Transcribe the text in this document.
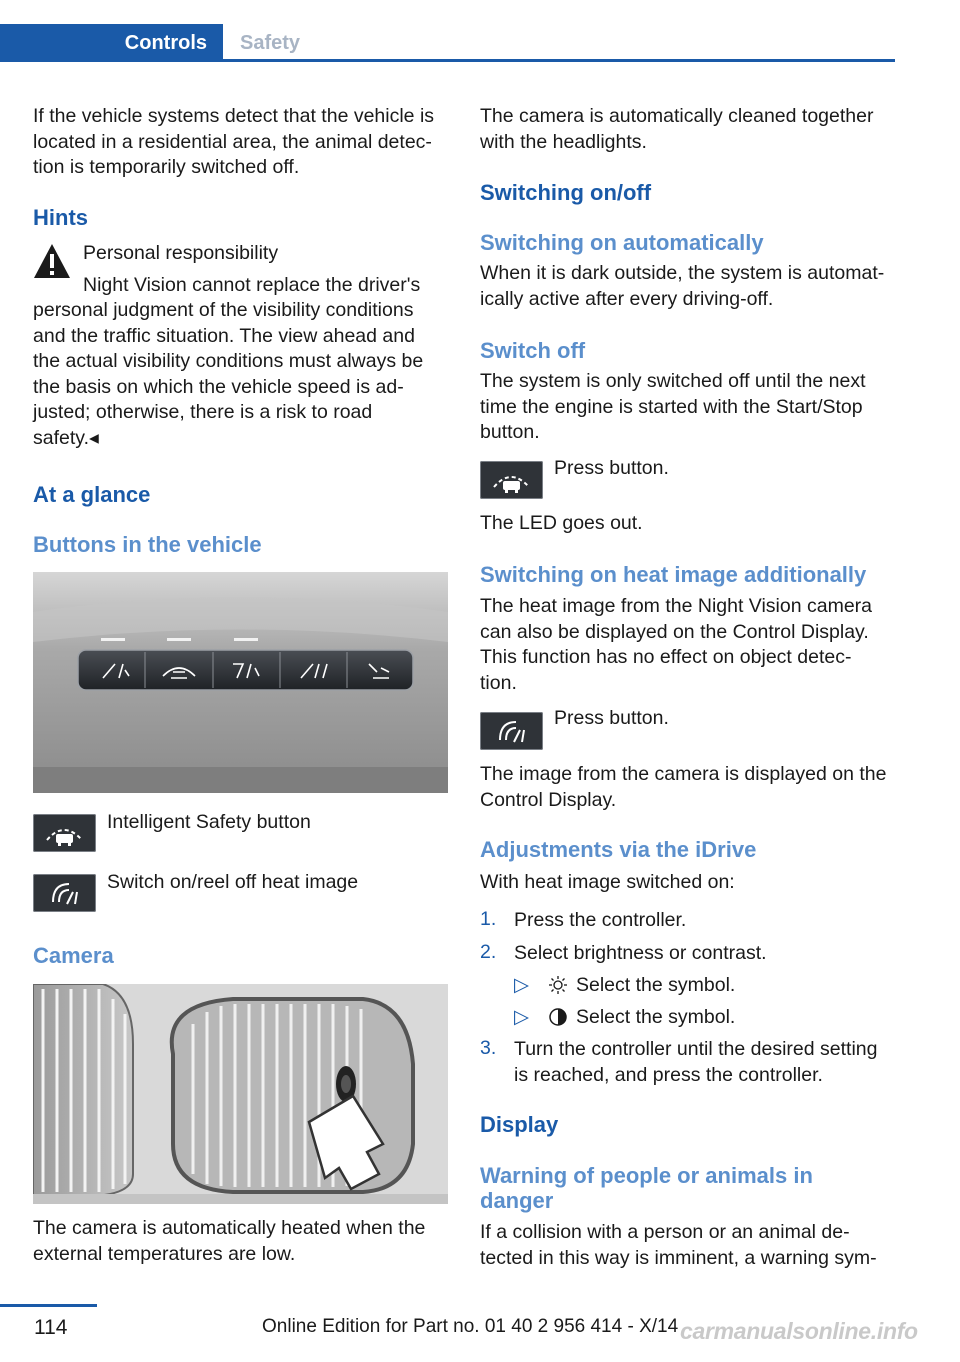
Controls	Safety

If the vehicle systems detect that the vehicle is

located in a residential area, the animal detec-

tion is temporarily switched off.

Hints

Personal responsibility

Night Vision cannot replace the driver's

personal judgment of the visibility conditions

and the traffic situation. The view ahead and

the actual visibility conditions must always be

the basis on which the vehicle speed is ad-

justed; otherwise, there is a risk to road

safety.◂

At a glance
Buttons in the vehicle

Intelligent Safety button

Switch on/reel off heat image

Camera

The camera is automatically heated when the

external temperatures are low.

The camera is automatically cleaned together

with the headlights.

Switching on/off
Switching on automatically

When it is dark outside, the system is automat-

ically active after every driving-off.

Switch off

The system is only switched off until the next

time the engine is started with the Start/Stop

button.

Press button.

The LED goes out.

Switching on heat image additionally

The heat image from the Night Vision camera

can also be displayed on the Control Display.

This function has no effect on object detec-

tion.

Press button.

The image from the camera is displayed on the

Control Display.

Adjustments via the iDrive

With heat image switched on:

1. Press the controller.
2. Select brightness or contrast.
▷ Select the symbol.
▷ Select the symbol.
3. Turn the controller until the desired setting
is reached, and press the controller.
Display
Warning of people or animals in
danger

If a collision with a person or an animal de-

tected in this way is imminent, a warning sym-

114	Online Edition for Part no. 01 40 2 956 414 - X/14 carmanualsonline.info
